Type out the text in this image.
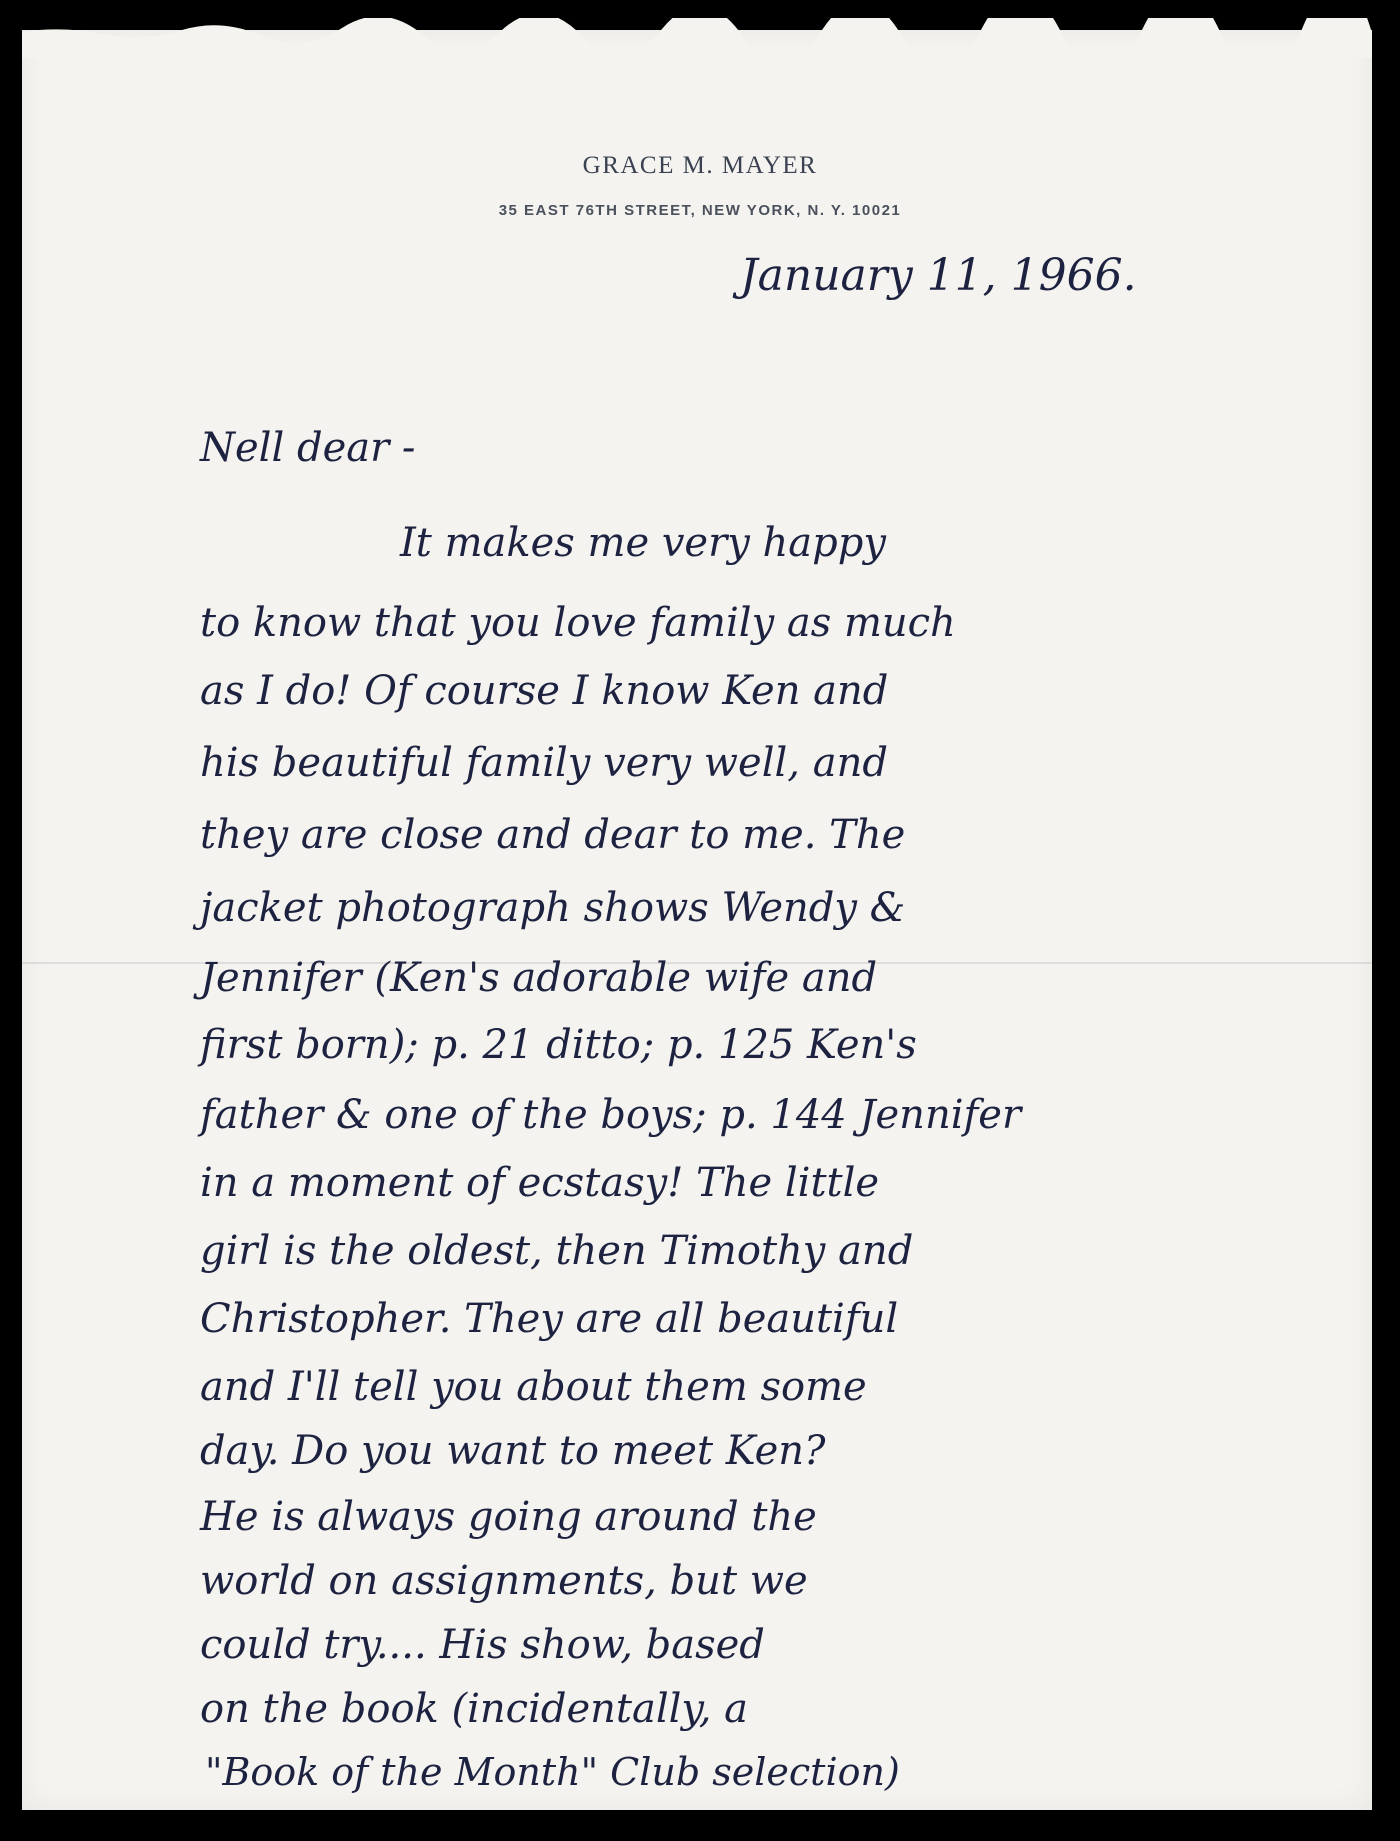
GRACE M. MAYER
35 EAST 76TH STREET, NEW YORK, N. Y. 10021
January 11, 1966.
Nell dear -
It makes me very happy
to know that you love family as much
as I do! Of course I know Ken and
his beautiful family very well, and
they are close and dear to me. The
jacket photograph shows Wendy &
Jennifer (Ken's adorable wife and
first born); p. 21 ditto; p. 125 Ken's
father & one of the boys; p. 144 Jennifer
in a moment of ecstasy! The little
girl is the oldest, then Timothy and
Christopher. They are all beautiful
and I'll tell you about them some
day. Do you want to meet Ken?
He is always going around the
world on assignments, but we
could try.... His show, based
on the book (incidentally, a
"Book of the Month" Club selection)
